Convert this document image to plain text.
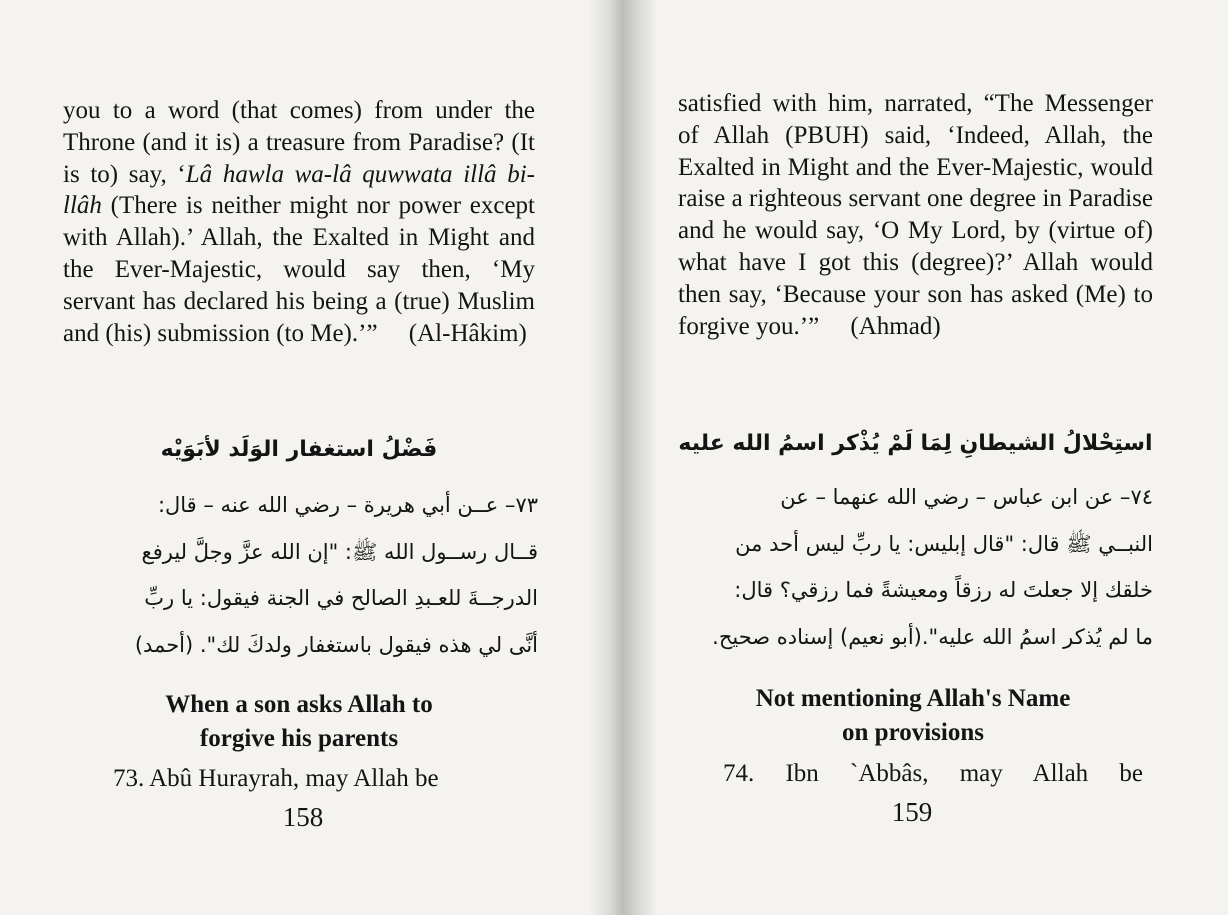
you to a word (that comes) from under the Throne (and it is) a treasure from Paradise? (It is to) say, ‘Lâ hawla wa-lâ quwwata illâ bi-llâh (There is neither might nor power except with Allah).’ Allah, the Exalted in Might and the Ever-Majestic, would say then, ‘My servant has declared his being a (true) Muslim and (his) submission (to Me).’” (Al-Hâkim)

فَضْلُ استغفار الوَلَد لأبَوَيْه
٧٣– عــن أبي هريرة – رضي الله عنه – قال:
قــال رســول الله ﷺ: "إن الله عزَّ وجلَّ ليرفع
الدرجــةَ للعـبدِ الصالح في الجنة فيقول: يا ربِّ
أنَّى لي هذه فيقول باستغفار ولدكَ لك". (أحمد)
When a son asks Allah to
forgive his parents
73. Abû Hurayrah, may Allah be
158

satisfied with him, narrated, “The Messenger of Allah (PBUH) said, ‘Indeed, Allah, the Exalted in Might and the Ever-Majestic, would raise a righteous servant one degree in Paradise and he would say, ‘O My Lord, by (virtue of) what have I got this (degree)?’ Allah would then say, ‘Because your son has asked (Me) to forgive you.’” (Ahmad)

استِحْلالُ الشيطانِ لِمَا لَمْ يُذْكر اسمُ الله عليه
٧٤– عن ابن عباس – رضي الله عنهما – عن
النبــي ﷺ قال: "قال إبليس: يا ربِّ ليس أحد من
خلقك إلا جعلتَ له رزقاً ومعيشةً فما رزقي؟ قال:
ما لم يُذكر اسمُ الله عليه".(أبو نعيم) إسناده صحيح.
Not mentioning Allah's Name
on provisions
74. Ibn `Abbâs, may Allah be
159
